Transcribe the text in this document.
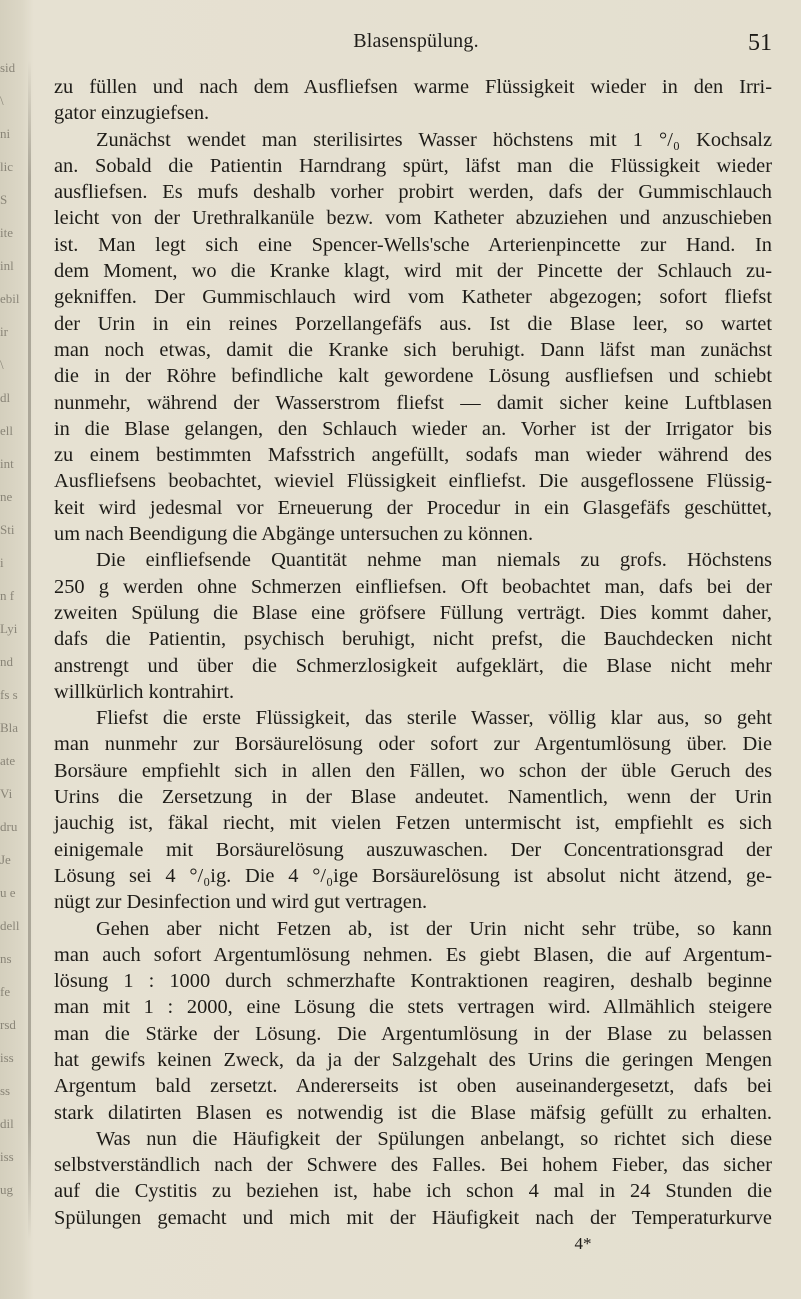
sid
\
ni
lic
S
ite
inl
ebil
ir
\
dl
ell
int
ne
Sti
i
n f
Lyi
nd
fs s
Bla
ate
Vi
dru
Je
u e
dell
ns
fe
rsd
iss
ss
dil
iss
ug
Blasenspülung.	51
zu füllen und nach dem Ausfliefsen warme Flüssigkeit wieder in den Irri-
gator einzugiefsen.
Zunächst wendet man sterilisirtes Wasser höchstens mit 1 °/₀ Kochsalz
an. Sobald die Patientin Harndrang spürt, läfst man die Flüssigkeit wieder
ausfliefsen. Es mufs deshalb vorher probirt werden, dafs der Gummischlauch
leicht von der Urethralkanüle bezw. vom Katheter abzuziehen und anzuschieben
ist. Man legt sich eine Spencer-Wells'sche Arterienpincette zur Hand. In
dem Moment, wo die Kranke klagt, wird mit der Pincette der Schlauch zu-
gekniffen. Der Gummischlauch wird vom Katheter abgezogen; sofort fliefst
der Urin in ein reines Porzellangefäfs aus. Ist die Blase leer, so wartet
man noch etwas, damit die Kranke sich beruhigt. Dann läfst man zunächst
die in der Röhre befindliche kalt gewordene Lösung ausfliefsen und schiebt
nunmehr, während der Wasserstrom fliefst — damit sicher keine Luftblasen
in die Blase gelangen, den Schlauch wieder an. Vorher ist der Irrigator bis
zu einem bestimmten Mafsstrich angefüllt, sodafs man wieder während des
Ausfliefsens beobachtet, wieviel Flüssigkeit einfliefst. Die ausgeflossene Flüssig-
keit wird jedesmal vor Erneuerung der Procedur in ein Glasgefäfs geschüttet,
um nach Beendigung die Abgänge untersuchen zu können.
Die einfliefsende Quantität nehme man niemals zu grofs. Höchstens
250 g werden ohne Schmerzen einfliefsen. Oft beobachtet man, dafs bei der
zweiten Spülung die Blase eine gröfsere Füllung verträgt. Dies kommt daher,
dafs die Patientin, psychisch beruhigt, nicht prefst, die Bauchdecken nicht
anstrengt und über die Schmerzlosigkeit aufgeklärt, die Blase nicht mehr
willkürlich kontrahirt.
Fliefst die erste Flüssigkeit, das sterile Wasser, völlig klar aus, so geht
man nunmehr zur Borsäurelösung oder sofort zur Argentumlösung über. Die
Borsäure empfiehlt sich in allen den Fällen, wo schon der üble Geruch des
Urins die Zersetzung in der Blase andeutet. Namentlich, wenn der Urin
jauchig ist, fäkal riecht, mit vielen Fetzen untermischt ist, empfiehlt es sich
einigemale mit Borsäurelösung auszuwaschen. Der Concentrationsgrad der
Lösung sei 4 °/₀ig. Die 4 °/₀ige Borsäurelösung ist absolut nicht ätzend, ge-
nügt zur Desinfection und wird gut vertragen.
Gehen aber nicht Fetzen ab, ist der Urin nicht sehr trübe, so kann
man auch sofort Argentumlösung nehmen. Es giebt Blasen, die auf Argentum-
lösung 1 : 1000 durch schmerzhafte Kontraktionen reagiren, deshalb beginne
man mit 1 : 2000, eine Lösung die stets vertragen wird. Allmählich steigere
man die Stärke der Lösung. Die Argentumlösung in der Blase zu belassen
hat gewifs keinen Zweck, da ja der Salzgehalt des Urins die geringen Mengen
Argentum bald zersetzt. Andererseits ist oben auseinandergesetzt, dafs bei
stark dilatirten Blasen es notwendig ist die Blase mäfsig gefüllt zu erhalten.
Was nun die Häufigkeit der Spülungen anbelangt, so richtet sich diese
selbstverständlich nach der Schwere des Falles. Bei hohem Fieber, das sicher
auf die Cystitis zu beziehen ist, habe ich schon 4 mal in 24 Stunden die
Spülungen gemacht und mich mit der Häufigkeit nach der Temperaturkurve
4*
